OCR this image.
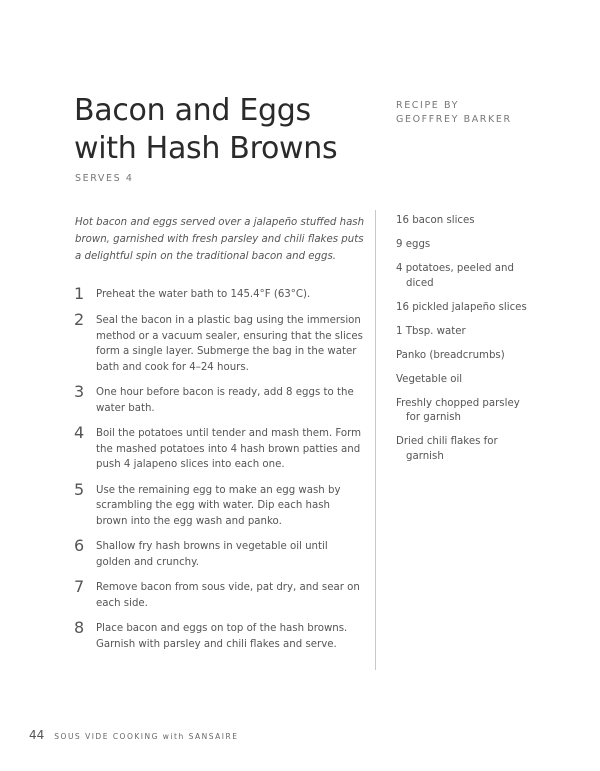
Bacon and Eggs
with Hash Browns
RECIPE BY
GEOFFREY BARKER
SERVES 4

Hot bacon and eggs served over a jalapeño stuffed hash brown, garnished with fresh parsley and chili flakes puts a delightful spin on the traditional bacon and eggs.

1	Preheat the water bath to 145.4°F (63°C).
2	Seal the bacon in a plastic bag using the immersion method or a vacuum sealer, ensuring that the slices form a single layer. Submerge the bag in the water bath and cook for 4–24 hours.
3	One hour before bacon is ready, add 8 eggs to the water bath.
4	Boil the potatoes until tender and mash them. Form the mashed potatoes into 4 hash brown patties and push 4 jalapeno slices into each one.
5	Use the remaining egg to make an egg wash by scrambling the egg with water. Dip each hash brown into the egg wash and panko.
6	Shallow fry hash browns in vegetable oil until golden and crunchy.
7	Remove bacon from sous vide, pat dry, and sear on each side.
8	Place bacon and eggs on top of the hash browns. Garnish with parsley and chili flakes and serve.
16 bacon slices
9 eggs
4 potatoes, peeled and diced
16 pickled jalapeño slices
1 Tbsp. water
Panko (breadcrumbs)
Vegetable oil
Freshly chopped parsley for garnish
Dried chili flakes for garnish
44 SOUS VIDE COOKING with SANSAIRE
